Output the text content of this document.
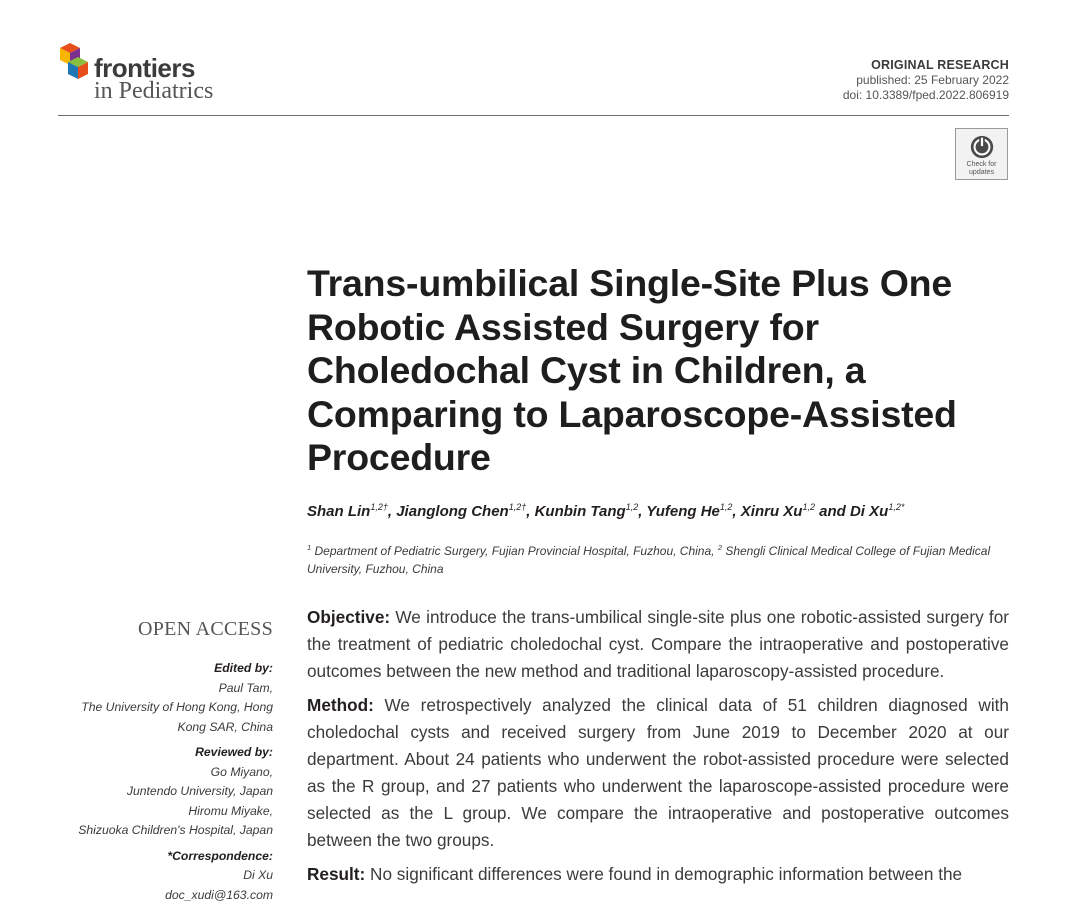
frontiers
in Pediatrics
ORIGINAL RESEARCH
published: 25 February 2022
doi: 10.3389/fped.2022.806919
Check for
updates
Trans-umbilical Single-Site Plus One
Robotic Assisted Surgery for
Choledochal Cyst in Children, a
Comparing to Laparoscope-Assisted
Procedure
Shan Lin$^{1,2\dagger}$, Jianglong Chen$^{1,2\dagger}$, Kunbin Tang$^{1,2}$, Yufeng He$^{1,2}$, Xinru Xu$^{1,2}$ and Di $Xu^{1,2*}$
$^1$ Department of Pediatric Surgery, Fujian Provincial Hospital, Fuzhou, China, $^2$ Shengli Clinical Medical College of Fujian Medical University, Fuzhou, China
OPEN ACCESS
Edited by:
Paul Tam,
The University of Hong Kong, Hong
Kong SAR, China
Reviewed by:
Go Miyano,
Juntendo University, Japan
Hiromu Miyake,
Shizuoka Children's Hospital, Japan
*Correspondence:
Di Xu
doc_xudi@163.com

Objective: We introduce the trans-umbilical single-site plus one robotic-assisted surgery for the treatment of pediatric choledochal cyst. Compare the intraoperative and postoperative outcomes between the new method and traditional laparoscopy-assisted procedure.

Method: We retrospectively analyzed the clinical data of 51 children diagnosed with choledochal cysts and received surgery from June 2019 to December 2020 at our department. About 24 patients who underwent the robot-assisted procedure were selected as the R group, and 27 patients who underwent the laparoscope-assisted procedure were selected as the L group. We compare the intraoperative and postoperative outcomes between the two groups.

Result: No significant differences were found in demographic information between the
